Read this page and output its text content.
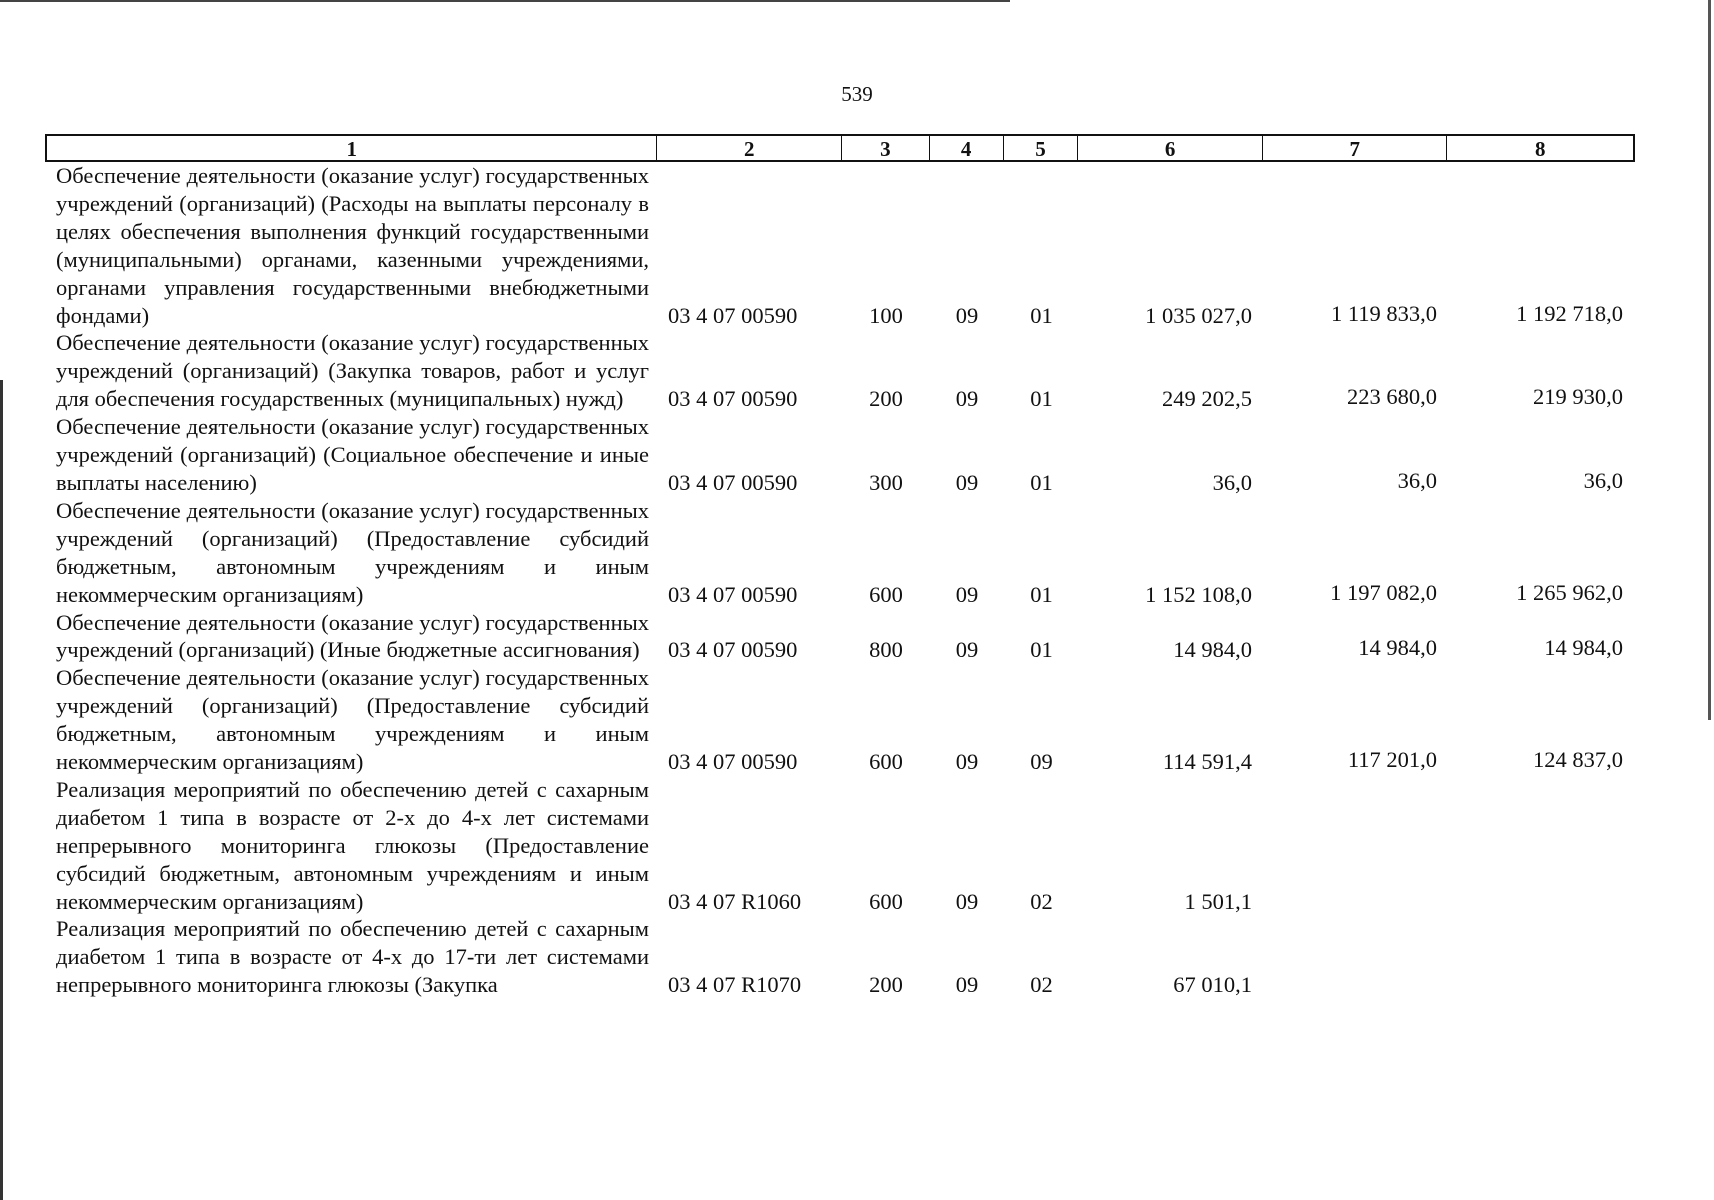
539
1	2	3	4	5	6	7	8
Обеспечение деятельности (оказание услуг) государственных учреждений (организаций) (Расходы на выплаты персоналу в целях обеспечения выполнения функций государственными (муниципальными) органами, казенными учреждениями, органами управления государственными внебюджетными фондами)	03 4 07 00590	100	09	01	1 035 027,0	1 119 833,0	1 192 718,0
Обеспечение деятельности (оказание услуг) государственных учреждений (организаций) (Закупка товаров, работ и услуг для обеспечения государственных (муниципальных) нужд)	03 4 07 00590	200	09	01	249 202,5	223 680,0	219 930,0
Обеспечение деятельности (оказание услуг) государственных учреждений (организаций) (Социальное обеспечение и иные выплаты населению)	03 4 07 00590	300	09	01	36,0	36,0	36,0
Обеспечение деятельности (оказание услуг) государственных учреждений (организаций) (Предоставление субсидий бюджетным, автономным учреждениям и иным некоммерческим организациям)	03 4 07 00590	600	09	01	1 152 108,0	1 197 082,0	1 265 962,0
Обеспечение деятельности (оказание услуг) государственных учреждений (организаций) (Иные бюджетные ассигнования)	03 4 07 00590	800	09	01	14 984,0	14 984,0	14 984,0
Обеспечение деятельности (оказание услуг) государственных учреждений (организаций) (Предоставление субсидий бюджетным, автономным учреждениям и иным некоммерческим организациям)	03 4 07 00590	600	09	09	114 591,4	117 201,0	124 837,0
Реализация мероприятий по обеспечению детей с сахарным диабетом 1 типа в возрасте от 2-х до 4-х лет системами непрерывного мониторинга глюкозы (Предоставление субсидий бюджетным, автономным учреждениям и иным некоммерческим организациям)	03 4 07 R1060	600	09	02	1 501,1
Реализация мероприятий по обеспечению детей с сахарным диабетом 1 типа в возрасте от 4-х до 17-ти лет системами непрерывного мониторинга глюкозы (Закупка	03 4 07 R1070	200	09	02	67 010,1
